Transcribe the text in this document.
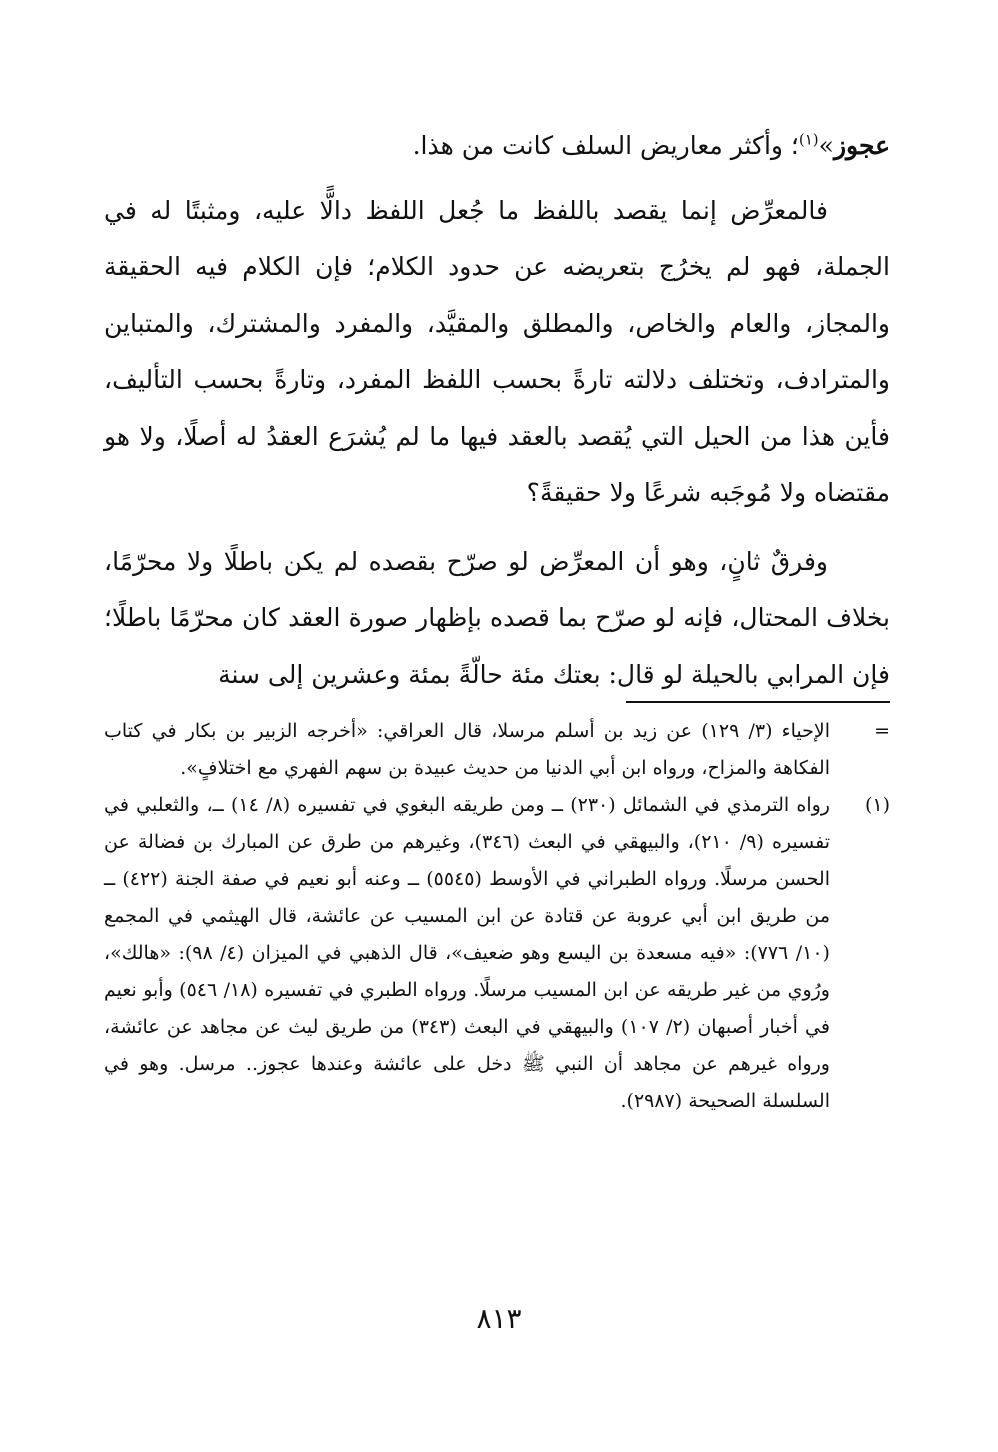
عجوز»$^{(١)}$؛ وأكثر معاريض السلف كانت من هذا.

فالمعرِّض إنما يقصد باللفظ ما جُعل اللفظ دالًّا عليه، ومثبتًا له في الجملة، فهو لم يخرُج بتعريضه عن حدود الكلام؛ فإن الكلام فيه الحقيقة والمجاز، والعام والخاص، والمطلق والمقيَّد، والمفرد والمشترك، والمتباين والمترادف، وتختلف دلالته تارةً بحسب اللفظ المفرد، وتارةً بحسب التأليف، فأين هذا من الحيل التي يُقصد بالعقد فيها ما لم يُشرَع العقدُ له أصلًا، ولا هو مقتضاه ولا مُوجَبه شرعًا ولا حقيقةً؟

وفرقٌ ثانٍ، وهو أن المعرِّض لو صرّح بقصده لم يكن باطلًا ولا محرّمًا، بخلاف المحتال، فإنه لو صرّح بما قصده بإظهار صورة العقد كان محرّمًا باطلًا؛ فإن المرابي بالحيلة لو قال: بعتك مئة حالّةً بمئة وعشرين إلى سنة

=
الإحياء (٣/ ١٢٩) عن زيد بن أسلم مرسلا، قال العراقي: «أخرجه الزبير بن بكار في كتاب الفكاهة والمزاح، ورواه ابن أبي الدنيا من حديث عبيدة بن سهم الفهري مع اختلافٍ».
(١)
رواه الترمذي في الشمائل (٢٣٠) ــ ومن طريقه البغوي في تفسيره (٨/ ١٤) ــ، والثعلبي في تفسيره (٩/ ٢١٠)، والبيهقي في البعث (٣٤٦)، وغيرهم من طرق عن المبارك بن فضالة عن الحسن مرسلًا. ورواه الطبراني في الأوسط (٥٥٤٥) ــ وعنه أبو نعيم في صفة الجنة (٤٢٢) ــ من طريق ابن أبي عروبة عن قتادة عن ابن المسيب عن عائشة، قال الهيثمي في المجمع (١٠/ ٧٧٦): «فيه مسعدة بن اليسع وهو ضعيف»، قال الذهبي في الميزان (٤/ ٩٨): «هالك»، ورُوي من غير طريقه عن ابن المسيب مرسلًا. ورواه الطبري في تفسيره (١٨/ ٥٤٦) وأبو نعيم في أخبار أصبهان (٢/ ١٠٧) والبيهقي في البعث (٣٤٣) من طريق ليث عن مجاهد عن عائشة، ورواه غيرهم عن مجاهد أن النبي ﷺ دخل على عائشة وعندها عجوز.. مرسل. وهو في السلسلة الصحيحة (٢٩٨٧).
٨١٣
